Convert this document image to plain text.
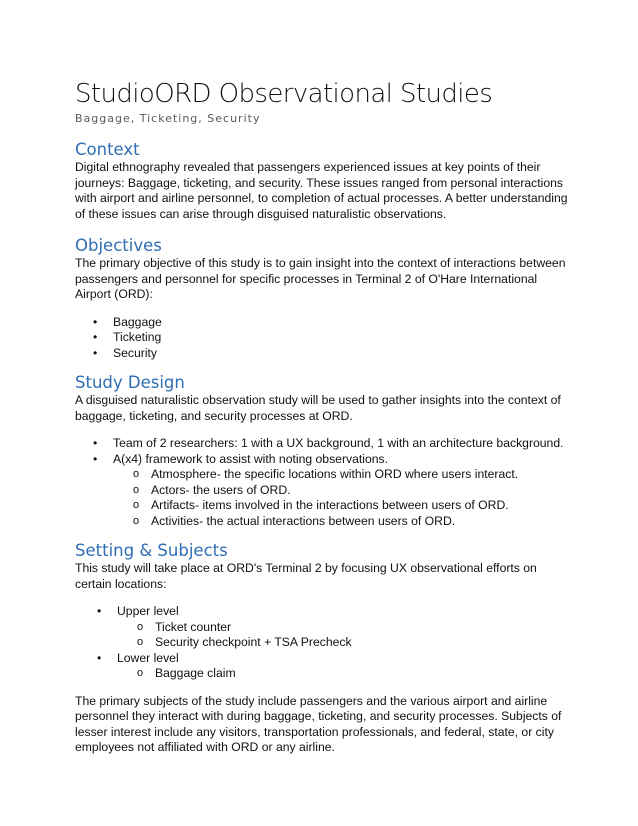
StudioORD Observational Studies
Baggage, Ticketing, Security
Context

Digital ethnography revealed that passengers experienced issues at key points of their journeys: Baggage, ticketing, and security. These issues ranged from personal interactions with airport and airline personnel, to completion of actual processes. A better understanding of these issues can arise through disguised naturalistic observations.

Objectives

The primary objective of this study is to gain insight into the context of interactions between passengers and personnel for specific processes in Terminal 2 of O'Hare International Airport (ORD):

• Baggage
• Ticketing
• Security
Study Design

A disguised naturalistic observation study will be used to gather insights into the context of baggage, ticketing, and security processes at ORD.

• Team of 2 researchers: 1 with a UX background, 1 with an architecture background.
• A(x4) framework to assist with noting observations.
o Atmosphere- the specific locations within ORD where users interact.
o Actors- the users of ORD.
o Artifacts- items involved in the interactions between users of ORD.
o Activities- the actual interactions between users of ORD.
Setting & Subjects

This study will take place at ORD's Terminal 2 by focusing UX observational efforts on certain locations:

• Upper level
o Ticket counter
o Security checkpoint + TSA Precheck
• Lower level
o Baggage claim

The primary subjects of the study include passengers and the various airport and airline personnel they interact with during baggage, ticketing, and security processes. Subjects of lesser interest include any visitors, transportation professionals, and federal, state, or city employees not affiliated with ORD or any airline.
